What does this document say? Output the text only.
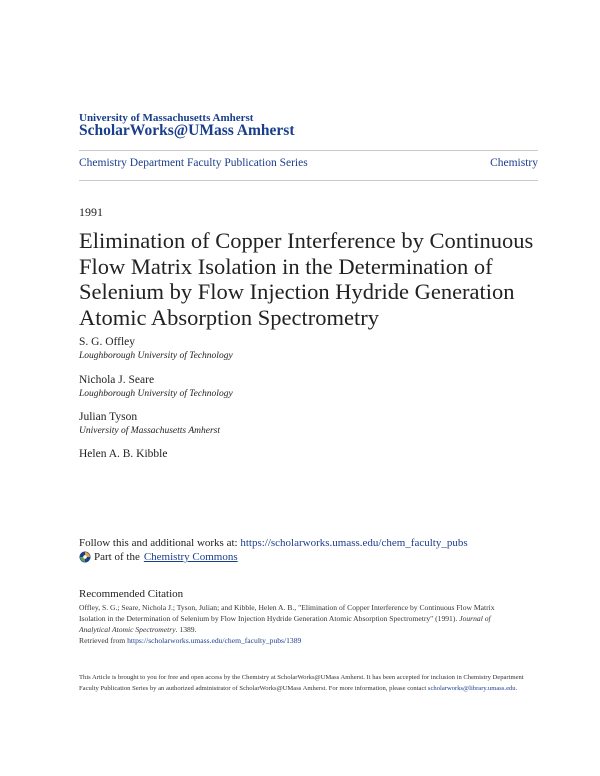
University of Massachusetts Amherst
ScholarWorks@UMass Amherst
Chemistry Department Faculty Publication Series	Chemistry
1991
Elimination of Copper Interference by Continuous
Flow Matrix Isolation in the Determination of
Selenium by Flow Injection Hydride Generation
Atomic Absorption Spectrometry
S. G. Offley
Loughborough University of Technology
Nichola J. Seare
Loughborough University of Technology
Julian Tyson
University of Massachusetts Amherst
Helen A. B. Kibble
Follow this and additional works at: https://scholarworks.umass.edu/chem_faculty_pubs
Part of the Chemistry Commons
Recommended Citation
Offley, S. G.; Seare, Nichola J.; Tyson, Julian; and Kibble, Helen A. B., "Elimination of Copper Interference by Continuous Flow Matrix Isolation in the Determination of Selenium by Flow Injection Hydride Generation Atomic Absorption Spectrometry" (1991). Journal of Analytical Atomic Spectrometry. 1389.
Retrieved from https://scholarworks.umass.edu/chem_faculty_pubs/1389
This Article is brought to you for free and open access by the Chemistry at ScholarWorks@UMass Amherst. It has been accepted for inclusion in Chemistry Department Faculty Publication Series by an authorized administrator of ScholarWorks@UMass Amherst. For more information, please contact scholarworks@library.umass.edu.
